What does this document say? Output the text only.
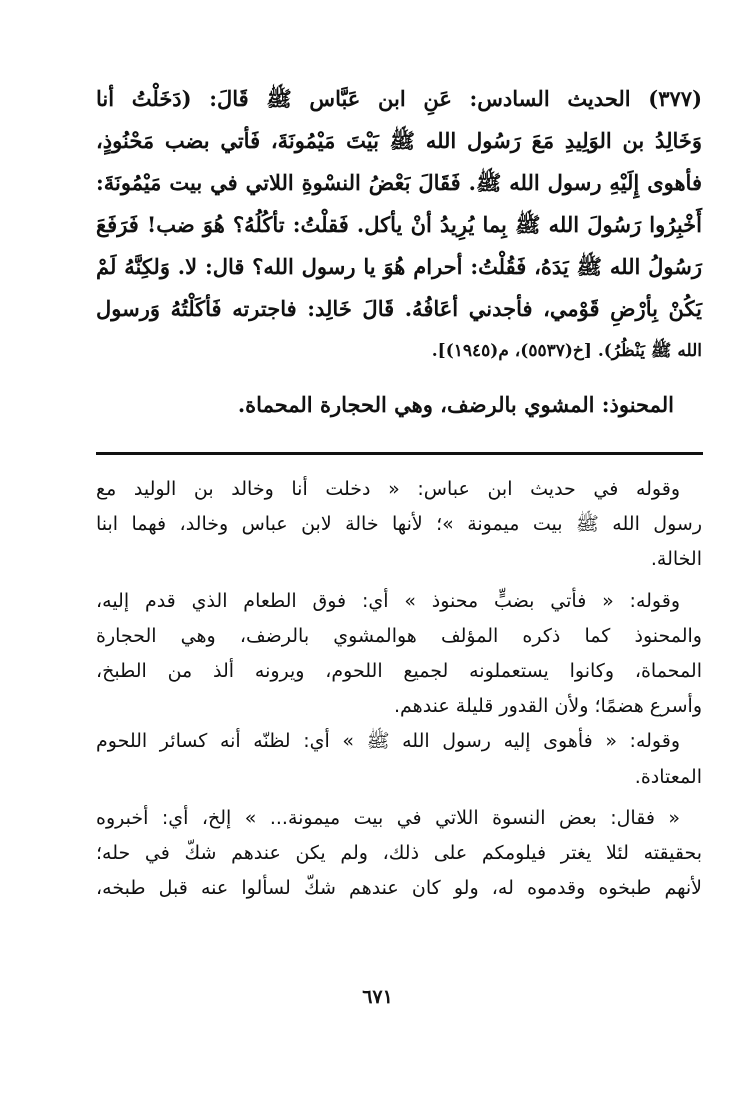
(٣٧٧) الحديث السادس: عَنِ ابن عَبَّاس ﷺ قَالَ: (دَخَلْتُ أنا
وَخَالِدُ بن الوَلِيدِ مَعَ رَسُول الله ﷺ بَيْتَ مَيْمُونَةَ، فَأتي بضب مَحْنُوذٍ،
فأهوى إِلَيْهِ رسول الله ﷺ. فَقَالَ بَعْضُ النسْوةِ اللاتي في بيت مَيْمُونَةَ:
أَخْبِرُوا رَسُولَ الله ﷺ بِما يُرِيدُ أنْ يأكل. فَقلْتُ: تأكُلُهُ؟ هُوَ ضب! فَرَفَعَ
رَسُولُ الله ﷺ يَدَهُ، فَقُلْتُ: أحرام هُوَ يا رسول الله؟ قال: لا. وَلكِنَّهُ لَمْ
يَكُنْ بِأرْضِ قَوْمي، فأجدني أعَافُهُ. قَالَ خَالِد: فاجترته فَأكَلْتُهُ وَرسول
الله ﷺ يَنْظُرُ). [خ(٥٥٣٧)، م(١٩٤٥)].
المحنوذ: المشوي بالرضف، وهي الحجارة المحماة.
وقوله في حديث ابن عباس: « دخلت أنا وخالد بن الوليد مع
رسول الله ﷺ بيت ميمونة »؛ لأنها خالة لابن عباس وخالد، فهما ابنا
الخالة.
وقوله: « فأتي بضبٍّ محنوذ » أي: فوق الطعام الذي قدم إليه،
والمحنوذ كما ذكره المؤلف هوالمشوي بالرضف، وهي الحجارة
المحماة، وكانوا يستعملونه لجميع اللحوم، ويرونه ألذ من الطبخ،
وأسرع هضمًا؛ ولأن القدور قليلة عندهم.
وقوله: « فأهوى إليه رسول الله ﷺ » أي: لظنّه أنه كسائر اللحوم
المعتادة.
« فقال: بعض النسوة اللاتي في بيت ميمونة... » إلخ، أي: أخبروه
بحقيقته لئلا يغتر فيلومكم على ذلك، ولم يكن عندهم شكّ في حله؛
لأنهم طبخوه وقدموه له، ولو كان عندهم شكّ لسألوا عنه قبل طبخه،
٦٧١
